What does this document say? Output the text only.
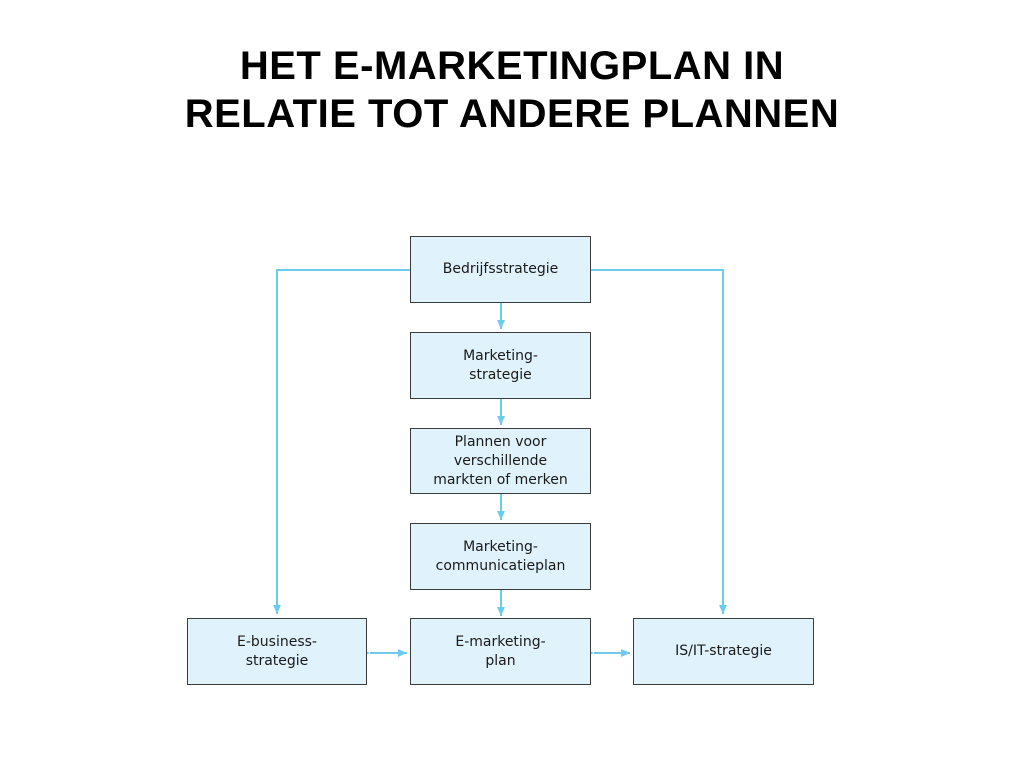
HET E-MARKETINGPLAN IN
RELATIE TOT ANDERE PLANNEN
Bedrijfsstrategie
Marketing-
strategie
Plannen voor
verschillende
markten of merken
Marketing-
communicatieplan
E-business-
strategie
E-marketing-
plan
IS/IT-strategie
